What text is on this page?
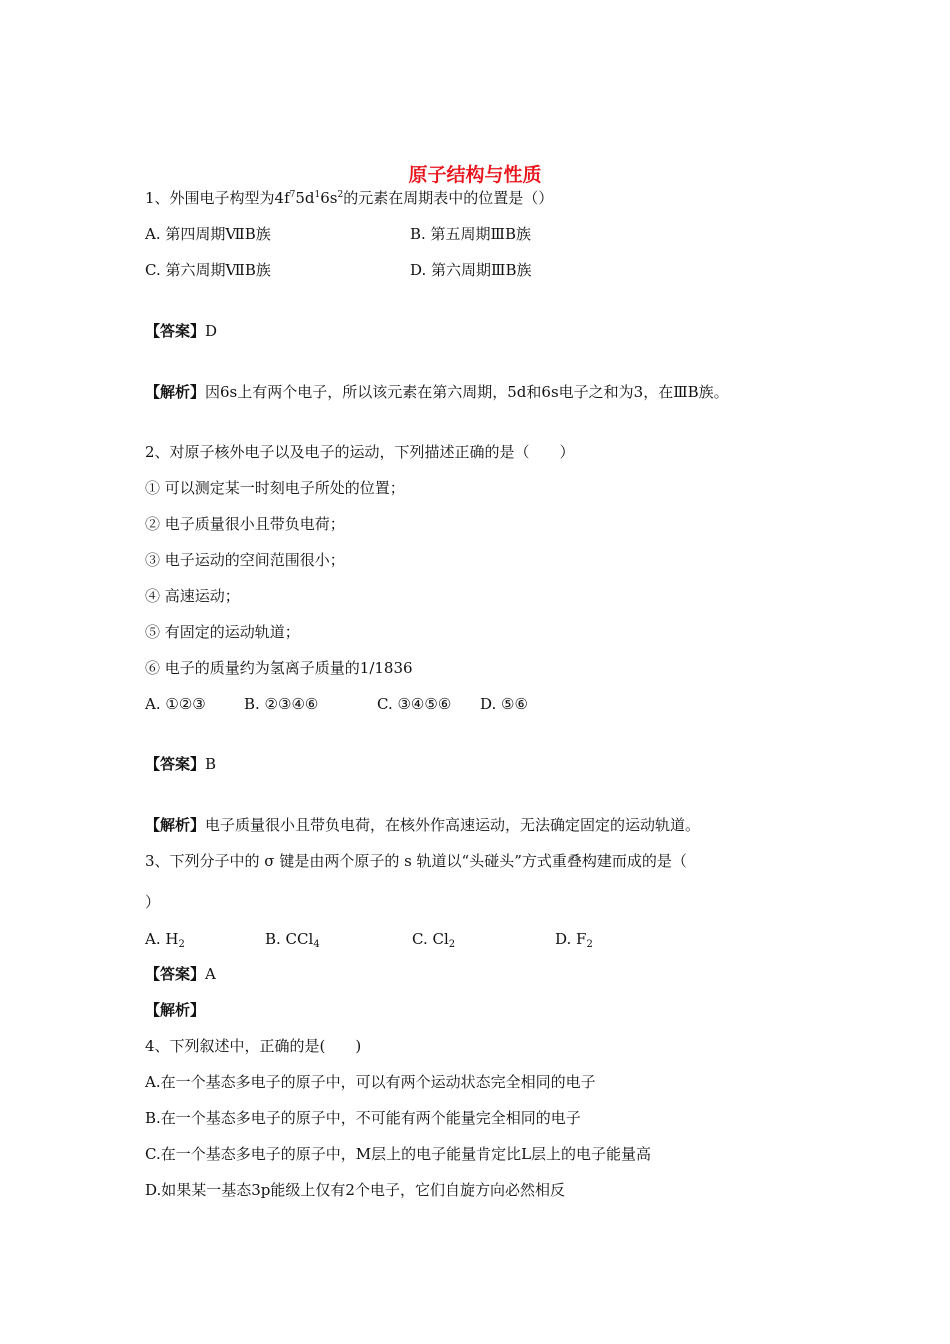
原子结构与性质
1、外围电子构型为$4f^75d^16s^2$的元素在周期表中的位置是（）
A. 第四周期ⅦB族	B. 第五周期ⅢB族
C. 第六周期ⅦB族	D. 第六周期ⅢB族
【答案】D
【解析】因6s上有两个电子，所以该元素在第六周期，5d和6s电子之和为3，在ⅢB族。
2、对原子核外电子以及电子的运动，下列描述正确的是（　　）
① 可以测定某一时刻电子所处的位置；
② 电子质量很小且带负电荷；
③ 电子运动的空间范围很小；
④ 高速运动；
⑤ 有固定的运动轨道；
⑥ 电子的质量约为氢离子质量的1/1836
A. ①②③	B. ②③④⑥	C. ③④⑤⑥ D. ⑤⑥
【答案】B
【解析】电子质量很小且带负电荷，在核外作高速运动，无法确定固定的运动轨道。
3、下列分子中的 σ 键是由两个原子的 s 轨道以“头碰头”方式重叠构建而成的是（
）
A. $H_2$	B. CCl$_4$	C. $Cl_2$	D. $F_2$
【答案】A
【解析】
4、下列叙述中，正确的是(　　)
A.在一个基态多电子的原子中，可以有两个运动状态完全相同的电子
B.在一个基态多电子的原子中，不可能有两个能量完全相同的电子
C.在一个基态多电子的原子中，M层上的电子能量肯定比L层上的电子能量高
D.如果某一基态3p能级上仅有2个电子，它们自旋方向必然相反
